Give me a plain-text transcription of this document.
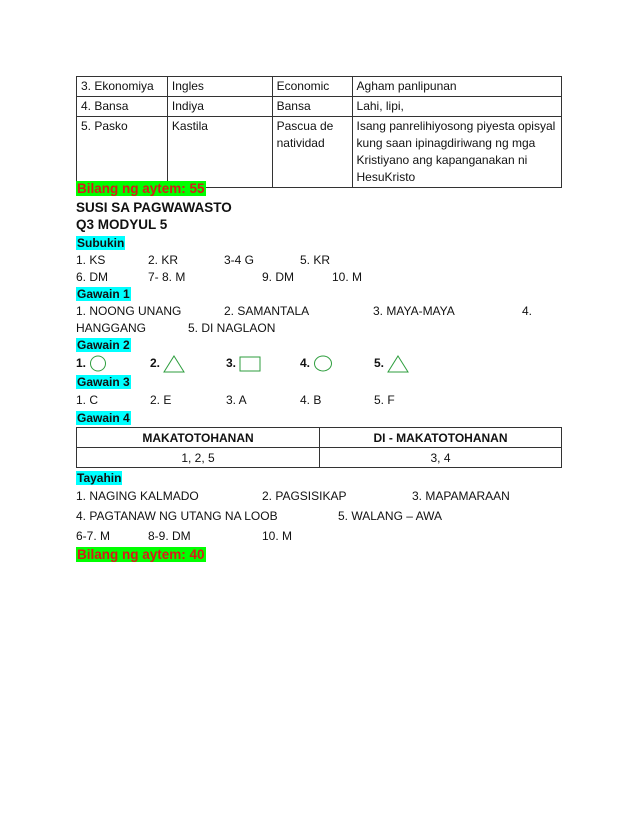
3. Ekonomiya	Ingles	Economic	Agham panlipunan
4. Bansa	Indiya	Bansa	Lahi, lipi,
5. Pasko	Kastila	Pascua de natividad	Isang panrelihiyosong piyesta opisyal kung saan ipinagdiriwang ng mga Kristiyano ang kapanganakan ni HesuKristo
Bilang ng aytem: 55
SUSI SA PAGWAWASTO
Q3 MODYUL 5
Subukin
1. KS	2. KR	3-4 G	5. KR
6. DM	7- 8. M	9. DM	10. M
Gawain 1
1. NOONG UNANG	2. SAMANTALA	3. MAYA-MAYA	4.
HANGGANG	5. DI NAGLAON
Gawain 2
1.	2.	3.	4.	5.
Gawain 3
1. C	2. E	3. A	4. B	5. F
Gawain 4
MAKATOTOHANAN	DI - MAKATOTOHANAN
1, 2, 5	3, 4
Tayahin
1. NAGING KALMADO	2. PAGSISIKAP	3. MAPAMARAAN
4. PAGTANAW NG UTANG NA LOOB	5. WALANG – AWA
6-7. M	8-9. DM	10. M
Bilang ng aytem: 40
